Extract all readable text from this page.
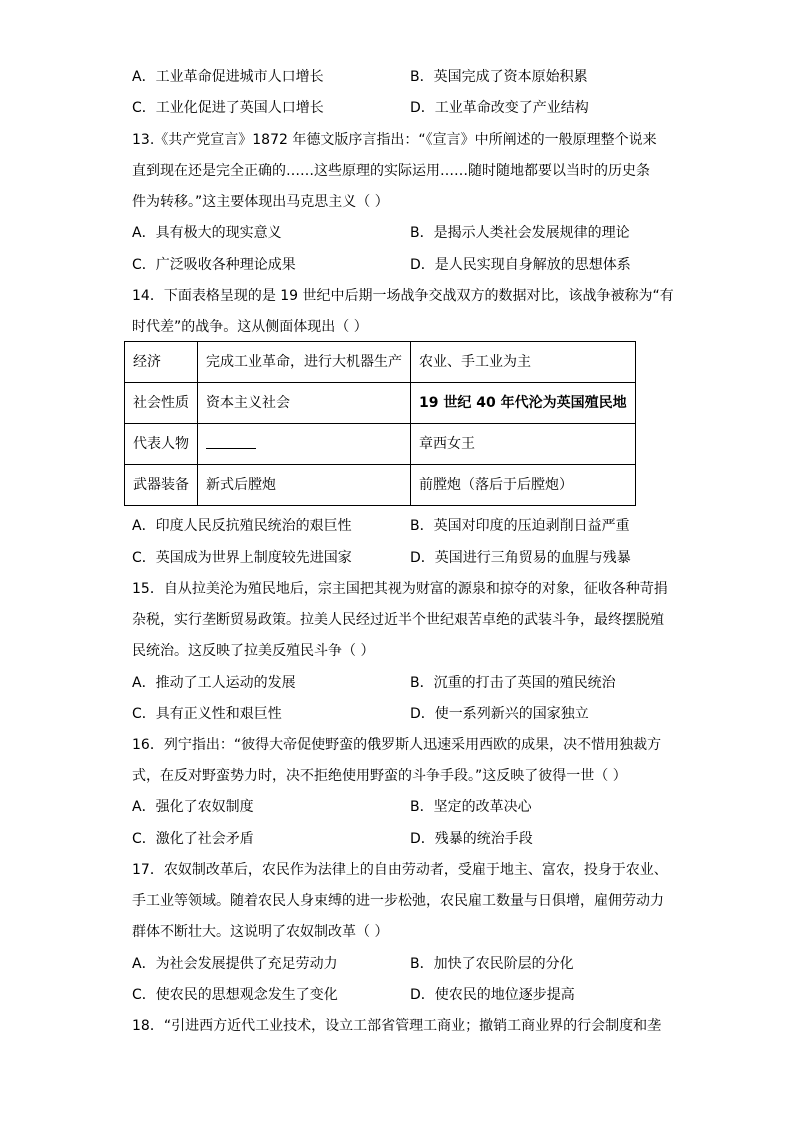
A．工业革命促进城市人口增长	B．英国完成了资本原始积累
C．工业化促进了英国人口增长	D．工业革命改变了产业结构
13.《共产党宣言》1872 年德文版序言指出：“《宣言》中所阐述的一般原理整个说来
直到现在还是完全正确的……这些原理的实际运用……随时随地都要以当时的历史条
件为转移。”这主要体现出马克思主义（ ）
A．具有极大的现实意义	B．是揭示人类社会发展规律的理论
C．广泛吸收各种理论成果	D．是人民实现自身解放的思想体系
14．下面表格呈现的是 19 世纪中后期一场战争交战双方的数据对比，该战争被称为“有
时代差”的战争。这从侧面体现出（ ）
经济	完成工业革命，进行大机器生产	农业、手工业为主
社会性质	资本主义社会	19 世纪 40 年代沦为英国殖民地
代表人物		章西女王
武器装备	新式后膛炮	前膛炮（落后于后膛炮）
A．印度人民反抗殖民统治的艰巨性	B．英国对印度的压迫剥削日益严重
C．英国成为世界上制度较先进国家	D．英国进行三角贸易的血腥与残暴
15．自从拉美沦为殖民地后，宗主国把其视为财富的源泉和掠夺的对象，征收各种苛捐
杂税，实行垄断贸易政策。拉美人民经过近半个世纪艰苦卓绝的武装斗争，最终摆脱殖
民统治。这反映了拉美反殖民斗争（ ）
A．推动了工人运动的发展	B．沉重的打击了英国的殖民统治
C．具有正义性和艰巨性	D．使一系列新兴的国家独立
16．列宁指出：“彼得大帝促使野蛮的俄罗斯人迅速采用西欧的成果，决不惜用独裁方
式，在反对野蛮势力时，决不拒绝使用野蛮的斗争手段。”这反映了彼得一世（ ）
A．强化了农奴制度	B．坚定的改革决心
C．激化了社会矛盾	D．残暴的统治手段
17．农奴制改革后，农民作为法律上的自由劳动者，受雇于地主、富农，投身于农业、
手工业等领域。随着农民人身束缚的进一步松弛，农民雇工数量与日俱增，雇佣劳动力
群体不断壮大。这说明了农奴制改革（ ）
A．为社会发展提供了充足劳动力	B．加快了农民阶层的分化
C．使农民的思想观念发生了变化	D．使农民的地位逐步提高
18．“引进西方近代工业技术，设立工部省管理工商业；撤销工商业界的行会制度和垄
